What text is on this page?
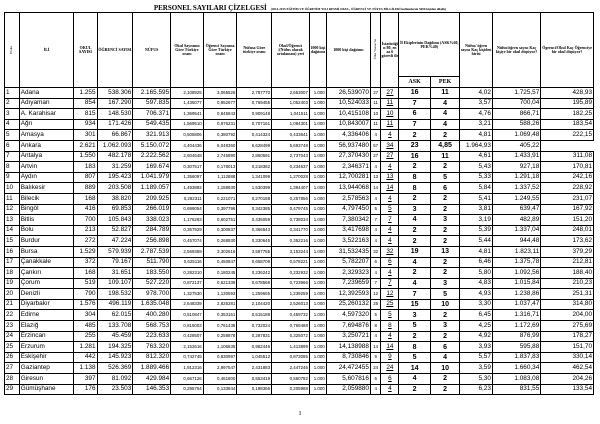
PERSONEL SAYILARI ÇİZELGESİ (2014-2015 EĞİTİM VE ÖĞRETİM YILI RESMİ OKUL, ÖĞRENCİ VE NÜFUS BİLGİLERİ kullanılarak 5000 kişiden düşük)
Plaka	İLİ	OKUL SAYISI	ÖĞRENCİ SAYISI	NÜFUS	Okul Sayısının Göre Türkiye oranı	Öğrenci Sayısına Göre Türkiye oranı	Nüfusa Göre türkiye oranı	Okul/Öğrenci /(Nüfus olarak ortalaması) yeri	1000 kişi dağıtımı	1000 kişi dağıtımı	Ülke Yasası'na	İstatistiği n 80, en az 6 görevli ile	İl Ekiplerinin Dağılımı (ASK%60, PEK%40)		Nüfus/ öğren sayısı Kaç kişiden birisi	Nüfus/öğren sayısı Kaç kişiye bir okul düşüyor?	Ögrenci/Okul Kaç Öğrenciye bir okul düşüyor?
													ASK	PEK			
1	Adana	1.255	538.306	2.165.595	2,108925	3,065526	2,787770	2,653007	1.000	26,539070	27	27	16	11	4,02	1.725,57	428,93
2	Adıyaman	854	167.290	597.835	1,435077	0,952677	0,769455	1,052403	1.000	10,524033	11	11	7	4	3,57	700,04	195,89
3	A. Karahisar	815	148.530	706.371	1,369541	0,845843	0,909148	1,041511	1.000	10,415108	10	10	6	4	4,76	866,71	182,25
4	Ağrı	934	171.426	549.435	1,569510	0,976231	0,707161	1,084301	1.000	10,843007	11	11	7	4	3,21	588,26	183,54
5	Amasya	301	66.867	321.913	0,505806	0,380792	0,414324	0,433641	1.000	4,336406	4	4	2	2	4,81	1.069,48	222,15
6	Ankara	2.621	1.062.093	5.150.072	4,404436	6,048360	6,628499	5,693748	1.000	56,937480	57	34	23	4,85	1.964,93	405,22	
7	Antalya	1.550	482.178	2.222.562	2,604648	2,745890	2,860591	2,737043	1.000	27,370430	27	27	16	11	4,61	1.433,91	311,08
8	Artvin	183	31.259	169.674	0,307517	0,178013	0,218382	0,234637	1.000	2,346371	4	4	2	2	5,43	927,18	170,81
9	Aydın	807	195.423	1.041.979	1,356097	1,112888	1,341099	1,270028	1.000	12,700281	13	13	8	5	5,33	1.291,18	242,16
10	Balıkesir	889	203.508	1.189.057	1,493892	1,158930	1,530399	1,394407	1.000	13,944068	14	14	8	6	5,84	1.337,52	228,92
11	Bilecik	168	38.820	209.925	0,282311	0,221071	0,270188	0,257856	1.000	2,578563	4	4	2	2	5,41	1.249,55	231,07
12	Bingöl	416	69.853	266.019	0,699054	0,397796	0,342385	0,479745	1.000	4,797450	5	5	3	2	3,81	639,47	167,92
13	Bitlis	700	105.843	338.023	1,176293	0,602751	0,435059	0,738034	1.000	7,380342	7	7	4	3	3,19	482,89	151,20
14	Bolu	213	52.827	284.789	0,357929	0,300837	0,366543	0,341770	1.000	3,417698	4	4	2	2	5,39	1.337,04	248,01
15	Burdur	272	47.224	256.898	0,457074	0,268930	0,330645	0,352216	1.000	3,522163	4	4	2	2	5,44	944,48	173,62
16	Bursa	1.529	579.939	2.787.539	2,569359	3,302616	3,587755	3,153244	1.000	31,532435	32	32	19	13	4,81	1.823,11	379,29
17	Çanakkale	372	79.167	511.790	0,625116	0,450847	0,658709	0,578221	1.000	5,782207	6	6	4	2	6,46	1.375,78	212,81
18	Çankırı	168	31.651	183.550	0,282310	0,180245	0,236242	0,232932	1.000	2,329323	4	4	2	2	5,80	1.092,56	188,40
19	Çorum	519	109.107	527.220	0,872137	0,621339	0,678568	0,723966	1.000	7,239659	7	7	4	3	4,83	1.015,84	210,23
20	Denizli	790	198.532	978.700	1,327530	1,130593	1,259655	1,239259	1.000	12,392593	12	12	7	5	4,93	1.238,86	251,31
21	Diyarbakır	1.576	496.119	1.635.048	2,648339	2,825281	2,104420	2,526013	1.000	25,260132	25	25	15	10	3,30	1.037,47	314,80
22	Edirne	304	62.015	400.280	0,510847	0,353161	0,515188	0,459732	1.000	4,597320	5	5	3	2	6,45	1.316,71	204,00
23	Elazığ	485	133.708	568.753	0,815003	0,761438	0,732024	0,769488	1.000	7,694876	8	8	5	3	4,25	1.172,69	275,69
24	Erzincan	255	45.459	223.633	0,428507	0,258878	0,287831	0,325072	1.000	3,250721	4	4	2	2	4,92	876,99	178,27
25	Erzurum	1.281	194.325	763.320	2,152616	1,106635	0,982446	1,413899	1.000	14,138988	14	14	8	6	3,93	595,88	151,70
26	Eskişehir	442	145.923	812.320	0,742745	0,830997	1,045512	0,873085	1.000	8,730846	9	9	5	4	5,57	1.837,83	330,14
27	Gaziantep	1.138	526.369	1.889.466	1,912316	2,997547	2,431883	2,447246	1.000	24,472455	24	24	14	10	3,59	1.660,34	462,54
28	Giresun	397	81.092	429.984	0,667126	0,461800	0,553419	0,560782	1.000	5,607816	6	6	4	2	5,30	1.083,08	204,26
29	Gümüşhane	176	23.503	146.353	0,295754	0,133844	0,188366	0,205988	1.000	2,059880	4	4	2	2	6,23	831,55	133,54
1
